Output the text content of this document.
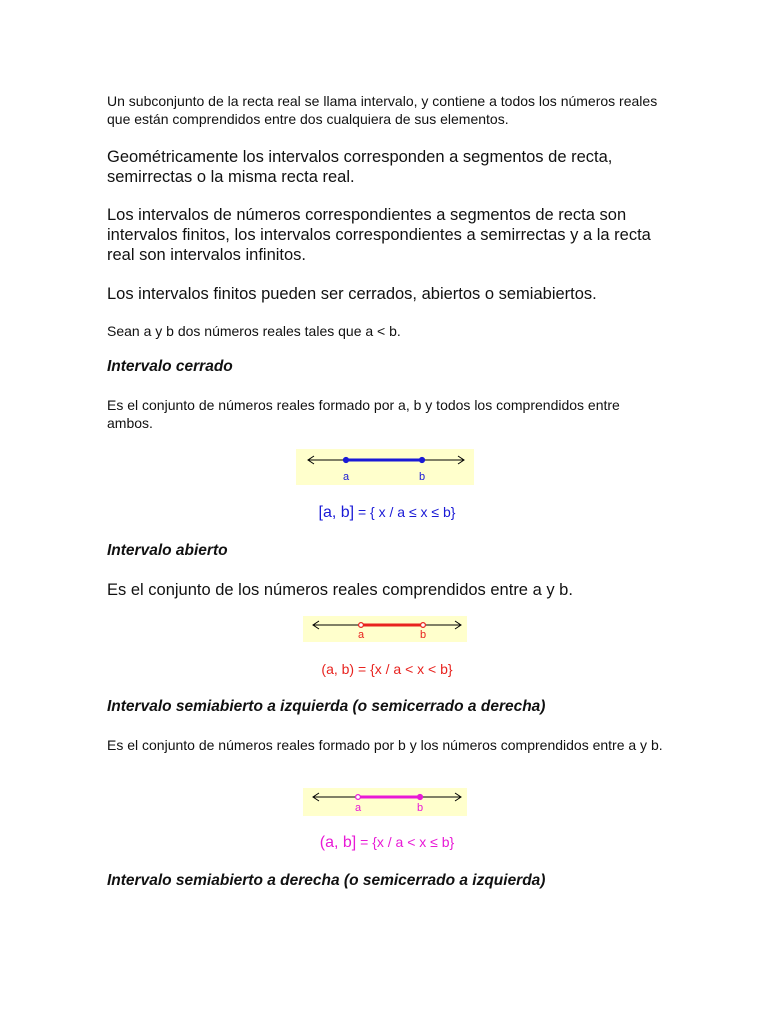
Un subconjunto de la recta real se llama intervalo, y contiene a todos los números reales que están comprendidos entre dos cualquiera de sus elementos.

Geométricamente los intervalos corresponden a segmentos de recta, semirrectas o la misma recta real.

Los intervalos de números correspondientes a segmentos de recta son intervalos finitos, los intervalos correspondientes a semirrectas y a la recta real son intervalos infinitos.

Los intervalos finitos pueden ser cerrados, abiertos o semiabiertos.

Sean a y b dos números reales tales que a < b.

Intervalo cerrado

Es el conjunto de números reales formado por a, b y todos los comprendidos entre ambos.

a	b
[a, b] = { x / a ≤ x ≤ b}

Intervalo abierto

Es el conjunto de los números reales comprendidos entre a y b.

a	b
(a, b) = {x / a < x < b}

Intervalo semiabierto a izquierda (o semicerrado a derecha)

Es el conjunto de números reales formado por b y los números comprendidos entre a y b.

a	b
(a, b] = {x / a < x ≤ b}

Intervalo semiabierto a derecha (o semicerrado a izquierda)
